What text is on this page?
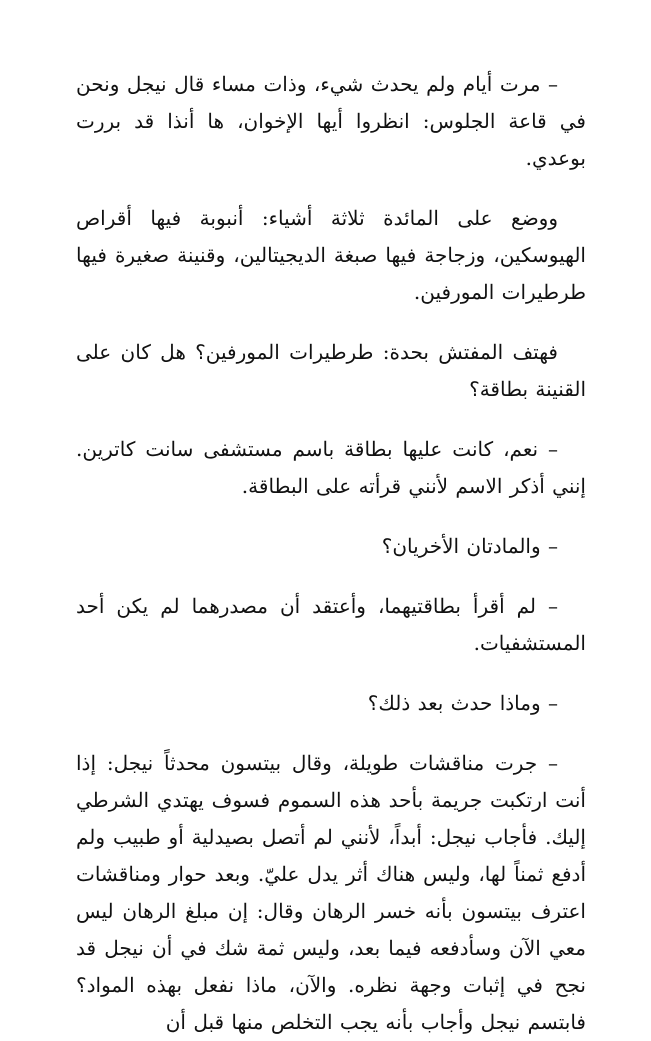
– مرت أيام ولم يحدث شيء، وذات مساء قال نيجل ونحن في قاعة الجلوس: انظروا أيها الإخوان، ها أنذا قد بررت بوعدي.

ووضع على المائدة ثلاثة أشياء: أنبوبة فيها أقراص الهيوسكين، وزجاجة فيها صبغة الديجيتالين، وقنينة صغيرة فيها طرطيرات المورفين.

فهتف المفتش بحدة: طرطيرات المورفين؟ هل كان على القنينة بطاقة؟

– نعم، كانت عليها بطاقة باسم مستشفى سانت كاترين. إنني أذكر الاسم لأنني قرأته على البطاقة.

– والمادتان الأخريان؟

– لم أقرأ بطاقتيهما، وأعتقد أن مصدرهما لم يكن أحد المستشفيات.

– وماذا حدث بعد ذلك؟

– جرت مناقشات طويلة، وقال بيتسون محدثاً نيجل: إذا أنت ارتكبت جريمة بأحد هذه السموم فسوف يهتدي الشرطي إليك. فأجاب نيجل: أبداً، لأنني لم أتصل بصيدلية أو طبيب ولم أدفع ثمناً لها، وليس هناك أثر يدل عليّ. وبعد حوار ومناقشات اعترف بيتسون بأنه خسر الرهان وقال: إن مبلغ الرهان ليس معي الآن وسأدفعه فيما بعد، وليس ثمة شك في أن نيجل قد نجح في إثبات وجهة نظره. والآن، ماذا نفعل بهذه المواد؟ فابتسم نيجل وأجاب بأنه يجب التخلص منها قبل أن
